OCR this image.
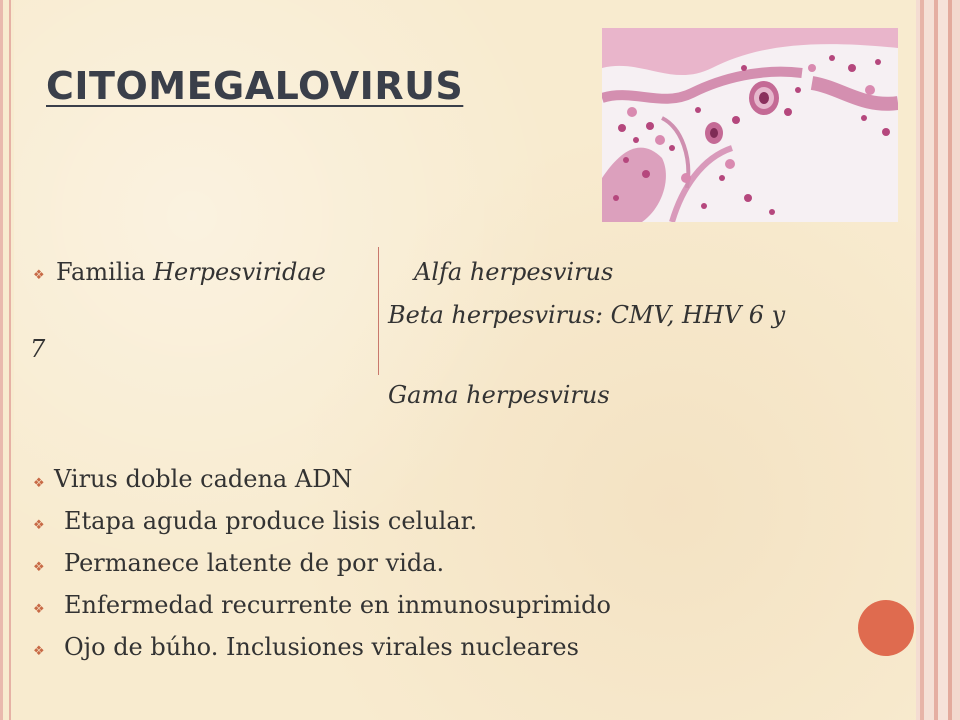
CITOMEGALOVIRUS
❖ Familia Herpesviridae	Alfa herpesvirus
Beta herpesvirus: CMV, HHV 6 y
7
Gama herpesvirus
❖ Virus doble cadena ADN
❖ Etapa aguda produce lisis celular.
❖ Permanece latente de por vida.
❖ Enfermedad recurrente en inmunosuprimido
❖ Ojo de búho. Inclusiones virales nucleares
